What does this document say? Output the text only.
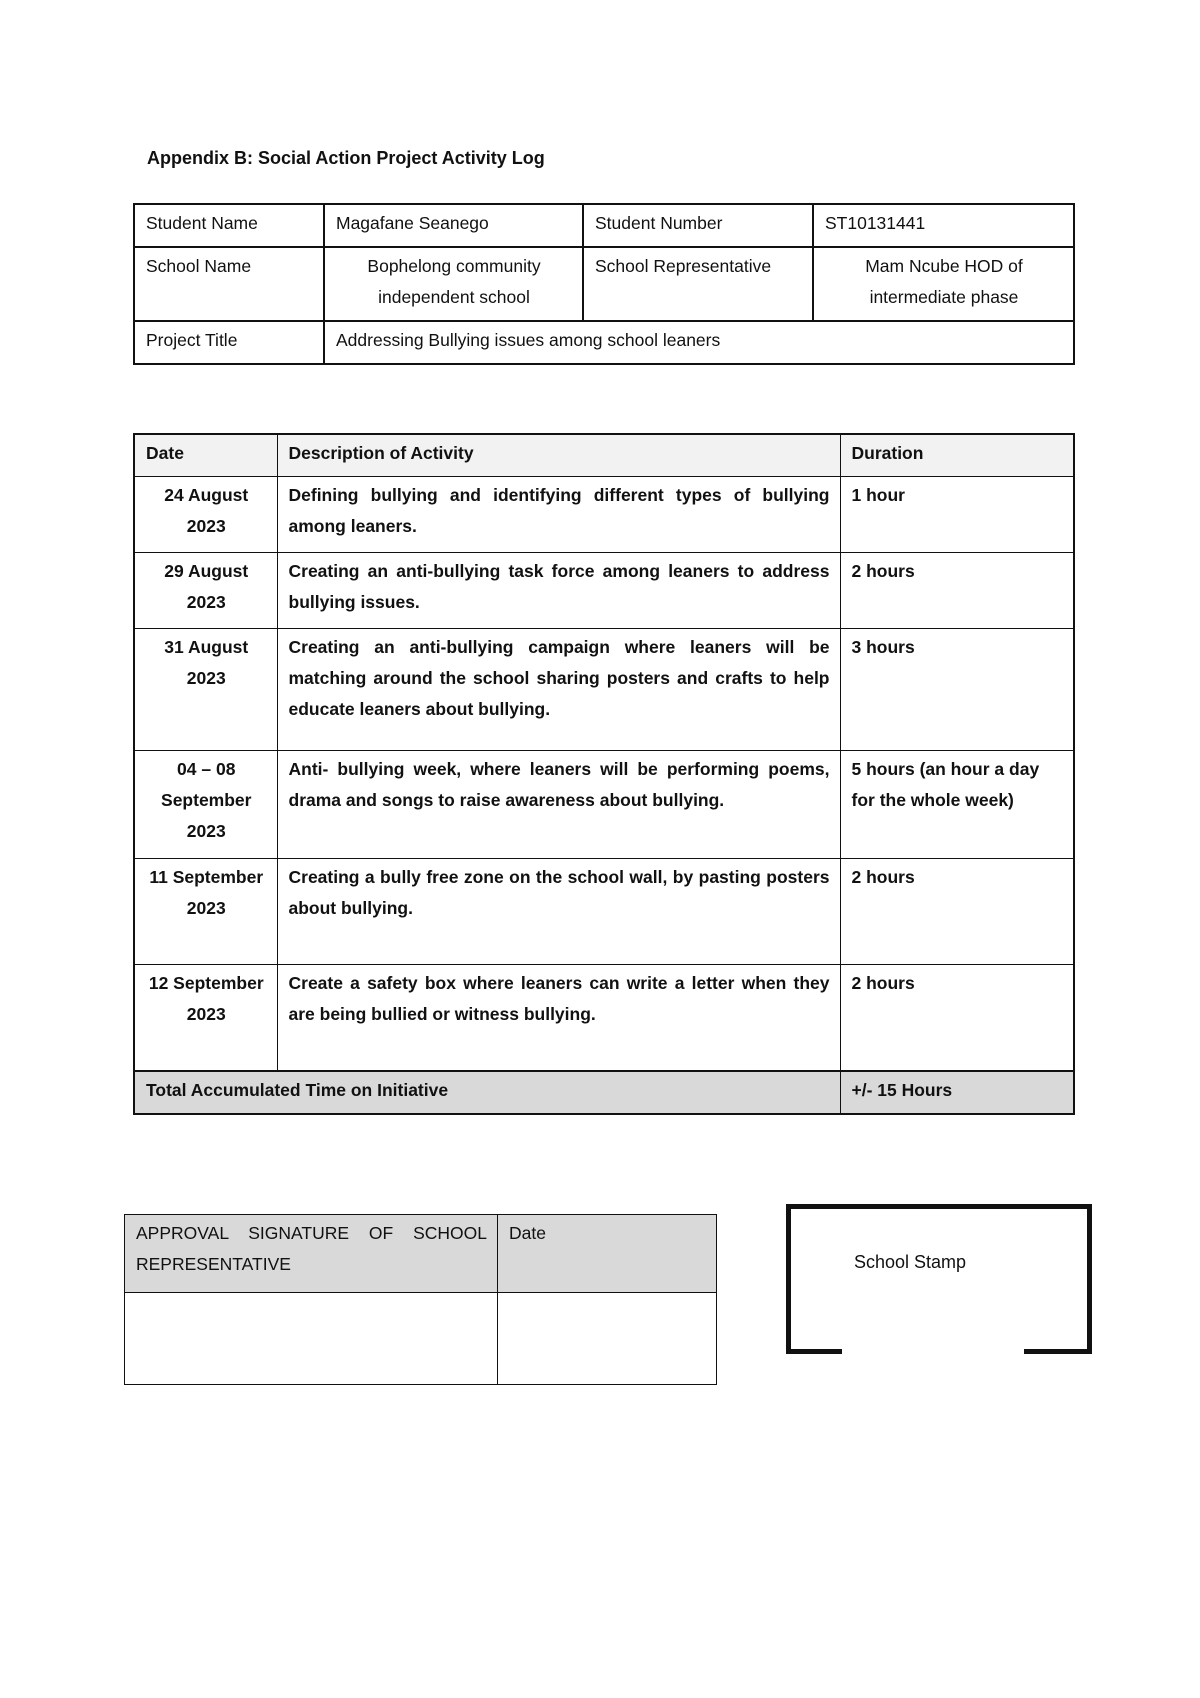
Appendix B: Social Action Project Activity Log
Student Name	Magafane Seanego	Student Number	ST10131441
School Name	Bophelong community independent school	School Representative	Mam Ncube HOD of intermediate phase
Project Title	Addressing Bullying issues among school leaners		
Date	Description of Activity	Duration
24 August 2023	Defining bullying and identifying different types of bullying among leaners.	1 hour
29 August 2023	Creating an anti-bullying task force among leaners to address bullying issues.	2 hours
31 August 2023	Creating an anti-bullying campaign where leaners will be matching around the school sharing posters and crafts to help educate leaners about bullying.	3 hours
04 – 08 September 2023	Anti- bullying week, where leaners will be performing poems, drama and songs to raise awareness about bullying.	5 hours (an hour a day for the whole week)
11 September 2023	Creating a bully free zone on the school wall, by pasting posters about bullying.	2 hours
12 September 2023	Create a safety box where leaners can write a letter when they are being bullied or witness bullying.	2 hours
Total Accumulated Time on Initiative		+/- 15 Hours
APPROVAL SIGNATURE OF SCHOOL REPRESENTATIVE	Date

School Stamp
